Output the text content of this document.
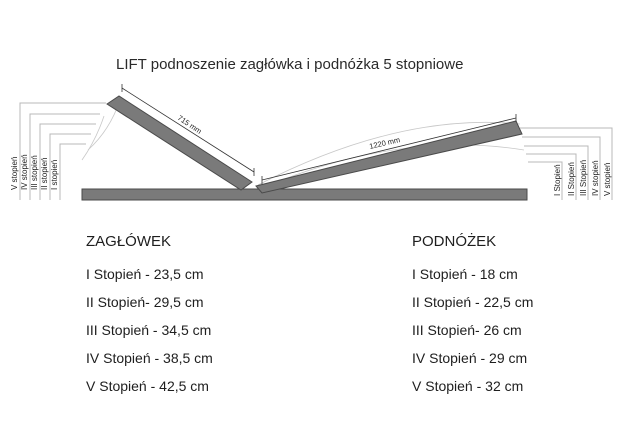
LIFT podnoszenie zagłówka i podnóżka 5 stopniowe
V stopień IV stopień III stopień II stopień I stopień	I Stopień II Stopień III Stopień IV stopień V stopień
715 mm
1220 mm
ZAGŁÓWEK
I Stopień - 23,5 cm
II Stopień- 29,5 cm
III Stopień - 34,5 cm
IV Stopień - 38,5 cm
V Stopień - 42,5 cm
PODNÓŻEK
I Stopień - 18 cm
II Stopień - 22,5 cm
III Stopień- 26 cm
IV Stopień - 29 cm
V Stopień - 32 cm
